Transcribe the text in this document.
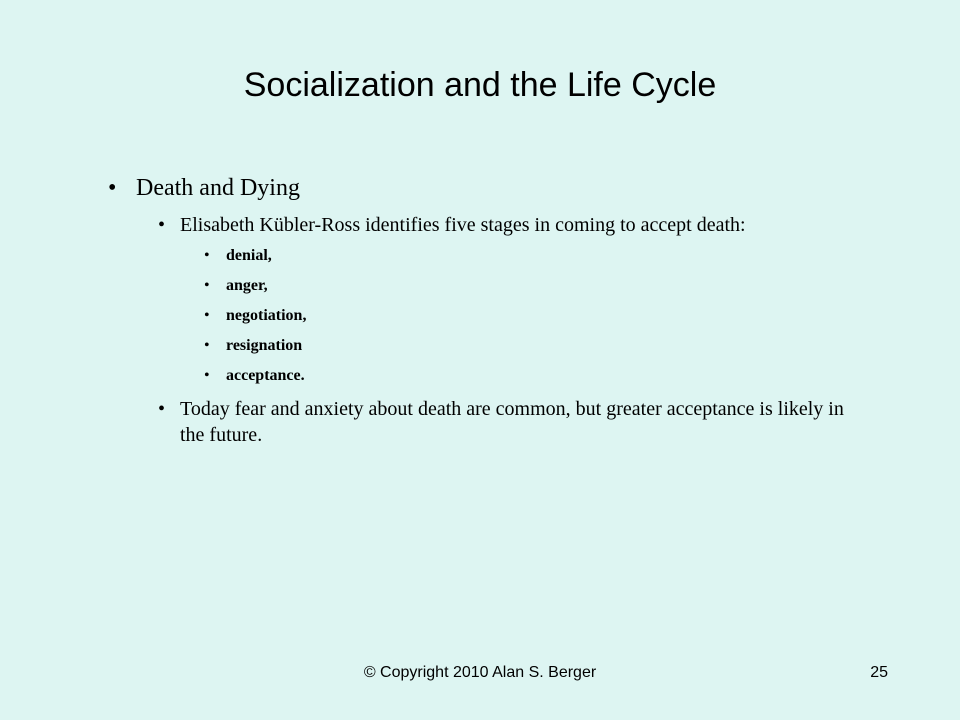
Socialization and the Life Cycle
• Death and Dying
• Elisabeth Kübler-Ross identifies five stages in coming to accept death:
• denial,
• anger,
• negotiation,
• resignation
• acceptance.
• Today fear and anxiety about death are common, but greater acceptance is likely in the future.
© Copyright 2010 Alan S. Berger	25
